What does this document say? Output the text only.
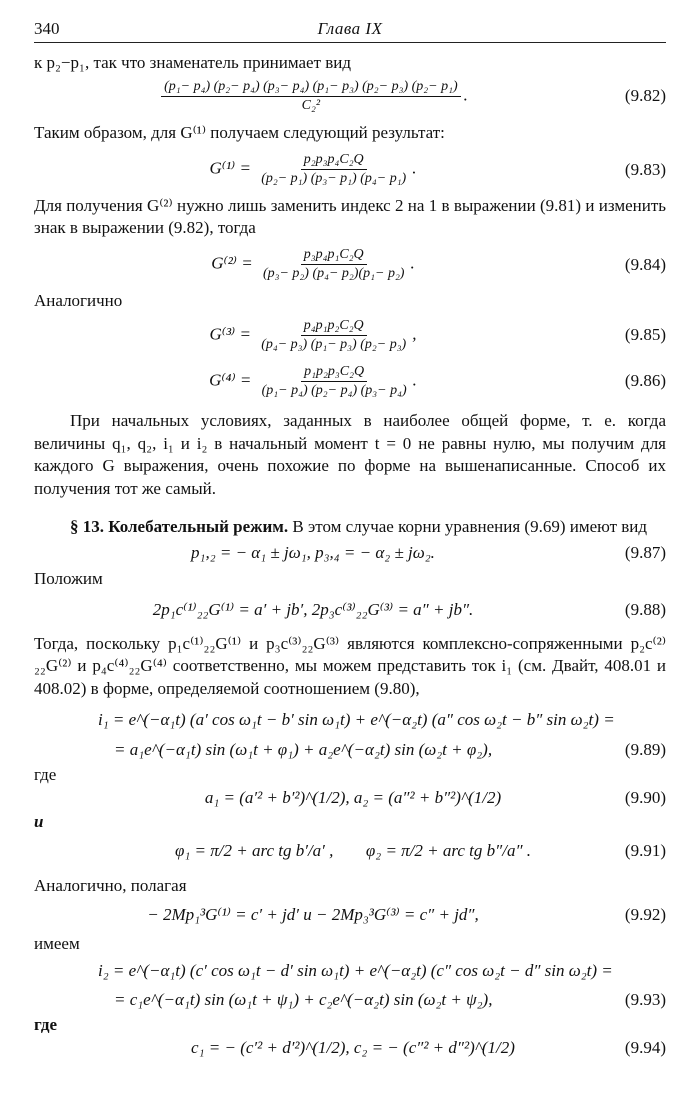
340	Глава IX

к p₂−p₁, так что знаменатель принимает вид

$\frac{\text{(p₁− p₄) (p₂− p₄) (p₃− p₄) (p₁− p₃) (p₂− p₃) (p₂− p₁)}}{\text{C₂²}}$ .	(9.82)

Таким образом, для G⁽¹⁾ получаем следующий результат:

$G^{(1)} = \frac{\text{p₂p₃p₄C₂Q}}{\text{(p₂− p₁) (p₃− p₁) (p₄− p₁)}}$ .	(9.83)

Для получения G⁽²⁾ нужно лишь заменить индекс 2 на 1 в выражении (9.81) и изменить знак в выражении (9.82), тогда

$G^{(2)} = \frac{\text{p₃p₄p₁C₂Q}}{\text{(p₃− p₂) (p₄− p₂)(p₁− p₂)}}$ .	(9.84)

Аналогично

$G^{(3)} = \frac{\text{p₄p₁p₂C₂Q}}{\text{(p₄− p₃) (p₁− p₃) (p₂− p₃)}}$ ,	(9.85)
$G^{(4)} = \frac{\text{p₁p₂p₃C₂Q}}{\text{(p₁− p₄) (p₂− p₄) (p₃− p₄)}}$ .	(9.86)

При начальных условиях, заданных в наиболее общей форме, т. е. когда величины q₁, q₂, i₁ и i₂ в начальный момент t = 0 не равны нулю, мы получим для каждого G выражения, очень похожие по форме на вышенаписанные. Способ их получения тот же самый.

§ 13. Колебательный режим. В этом случае корни уравнения (9.69) имеют вид

p₁,₂ = − α₁ ± jω₁, p₃,₄ = − α₂ ± jω₂.	(9.87)

Положим

2p₁c⁽¹⁾₂₂G⁽¹⁾ = a′ + jb′, 2p₃c⁽³⁾₂₂G⁽³⁾ = a″ + jb″.	(9.88)

Тогда, поскольку p₁c⁽¹⁾₂₂G⁽¹⁾ и p₃c⁽³⁾₂₂G⁽³⁾ являются комплексно-сопряженными p₂c⁽²⁾₂₂G⁽²⁾ и p₄c⁽⁴⁾₂₂G⁽⁴⁾ соответственно, мы можем представить ток i₁ (см. Двайт, 408.01 и 408.02) в форме, определяемой соотношением (9.80),

i₁ = e^(−α₁t) (a′ cos ω₁t − b′ sin ω₁t) + e^(−α₂t) (a″ cos ω₂t − b″ sin ω₂t) =
= a₁e^(−α₁t) sin (ω₁t + φ₁) + a₂e^(−α₂t) sin (ω₂t + φ₂),	(9.89)
где
a₁ = (a′² + b′²)^(1/2), a₂ = (a″² + b″²)^(1/2)	(9.90)
и
φ₁ = π/2 + arc tg b′/a′ , φ₂ = π/2 + arc tg b″/a″ .	(9.91)

Аналогично, полагая

− 2Mp₁³G⁽¹⁾ = c′ + jd′ и − 2Mp₃³G⁽³⁾ = c″ + jd″,	(9.92)
имеем
i₂ = e^(−α₁t) (c′ cos ω₁t − d′ sin ω₁t) + e^(−α₂t) (c″ cos ω₂t − d″ sin ω₂t) =
= c₁e^(−α₁t) sin (ω₁t + ψ₁) + c₂e^(−α₂t) sin (ω₂t + ψ₂),	(9.93)
где
c₁ = − (c′² + d′²)^(1/2), c₂ = − (c″² + d″²)^(1/2)	(9.94)
